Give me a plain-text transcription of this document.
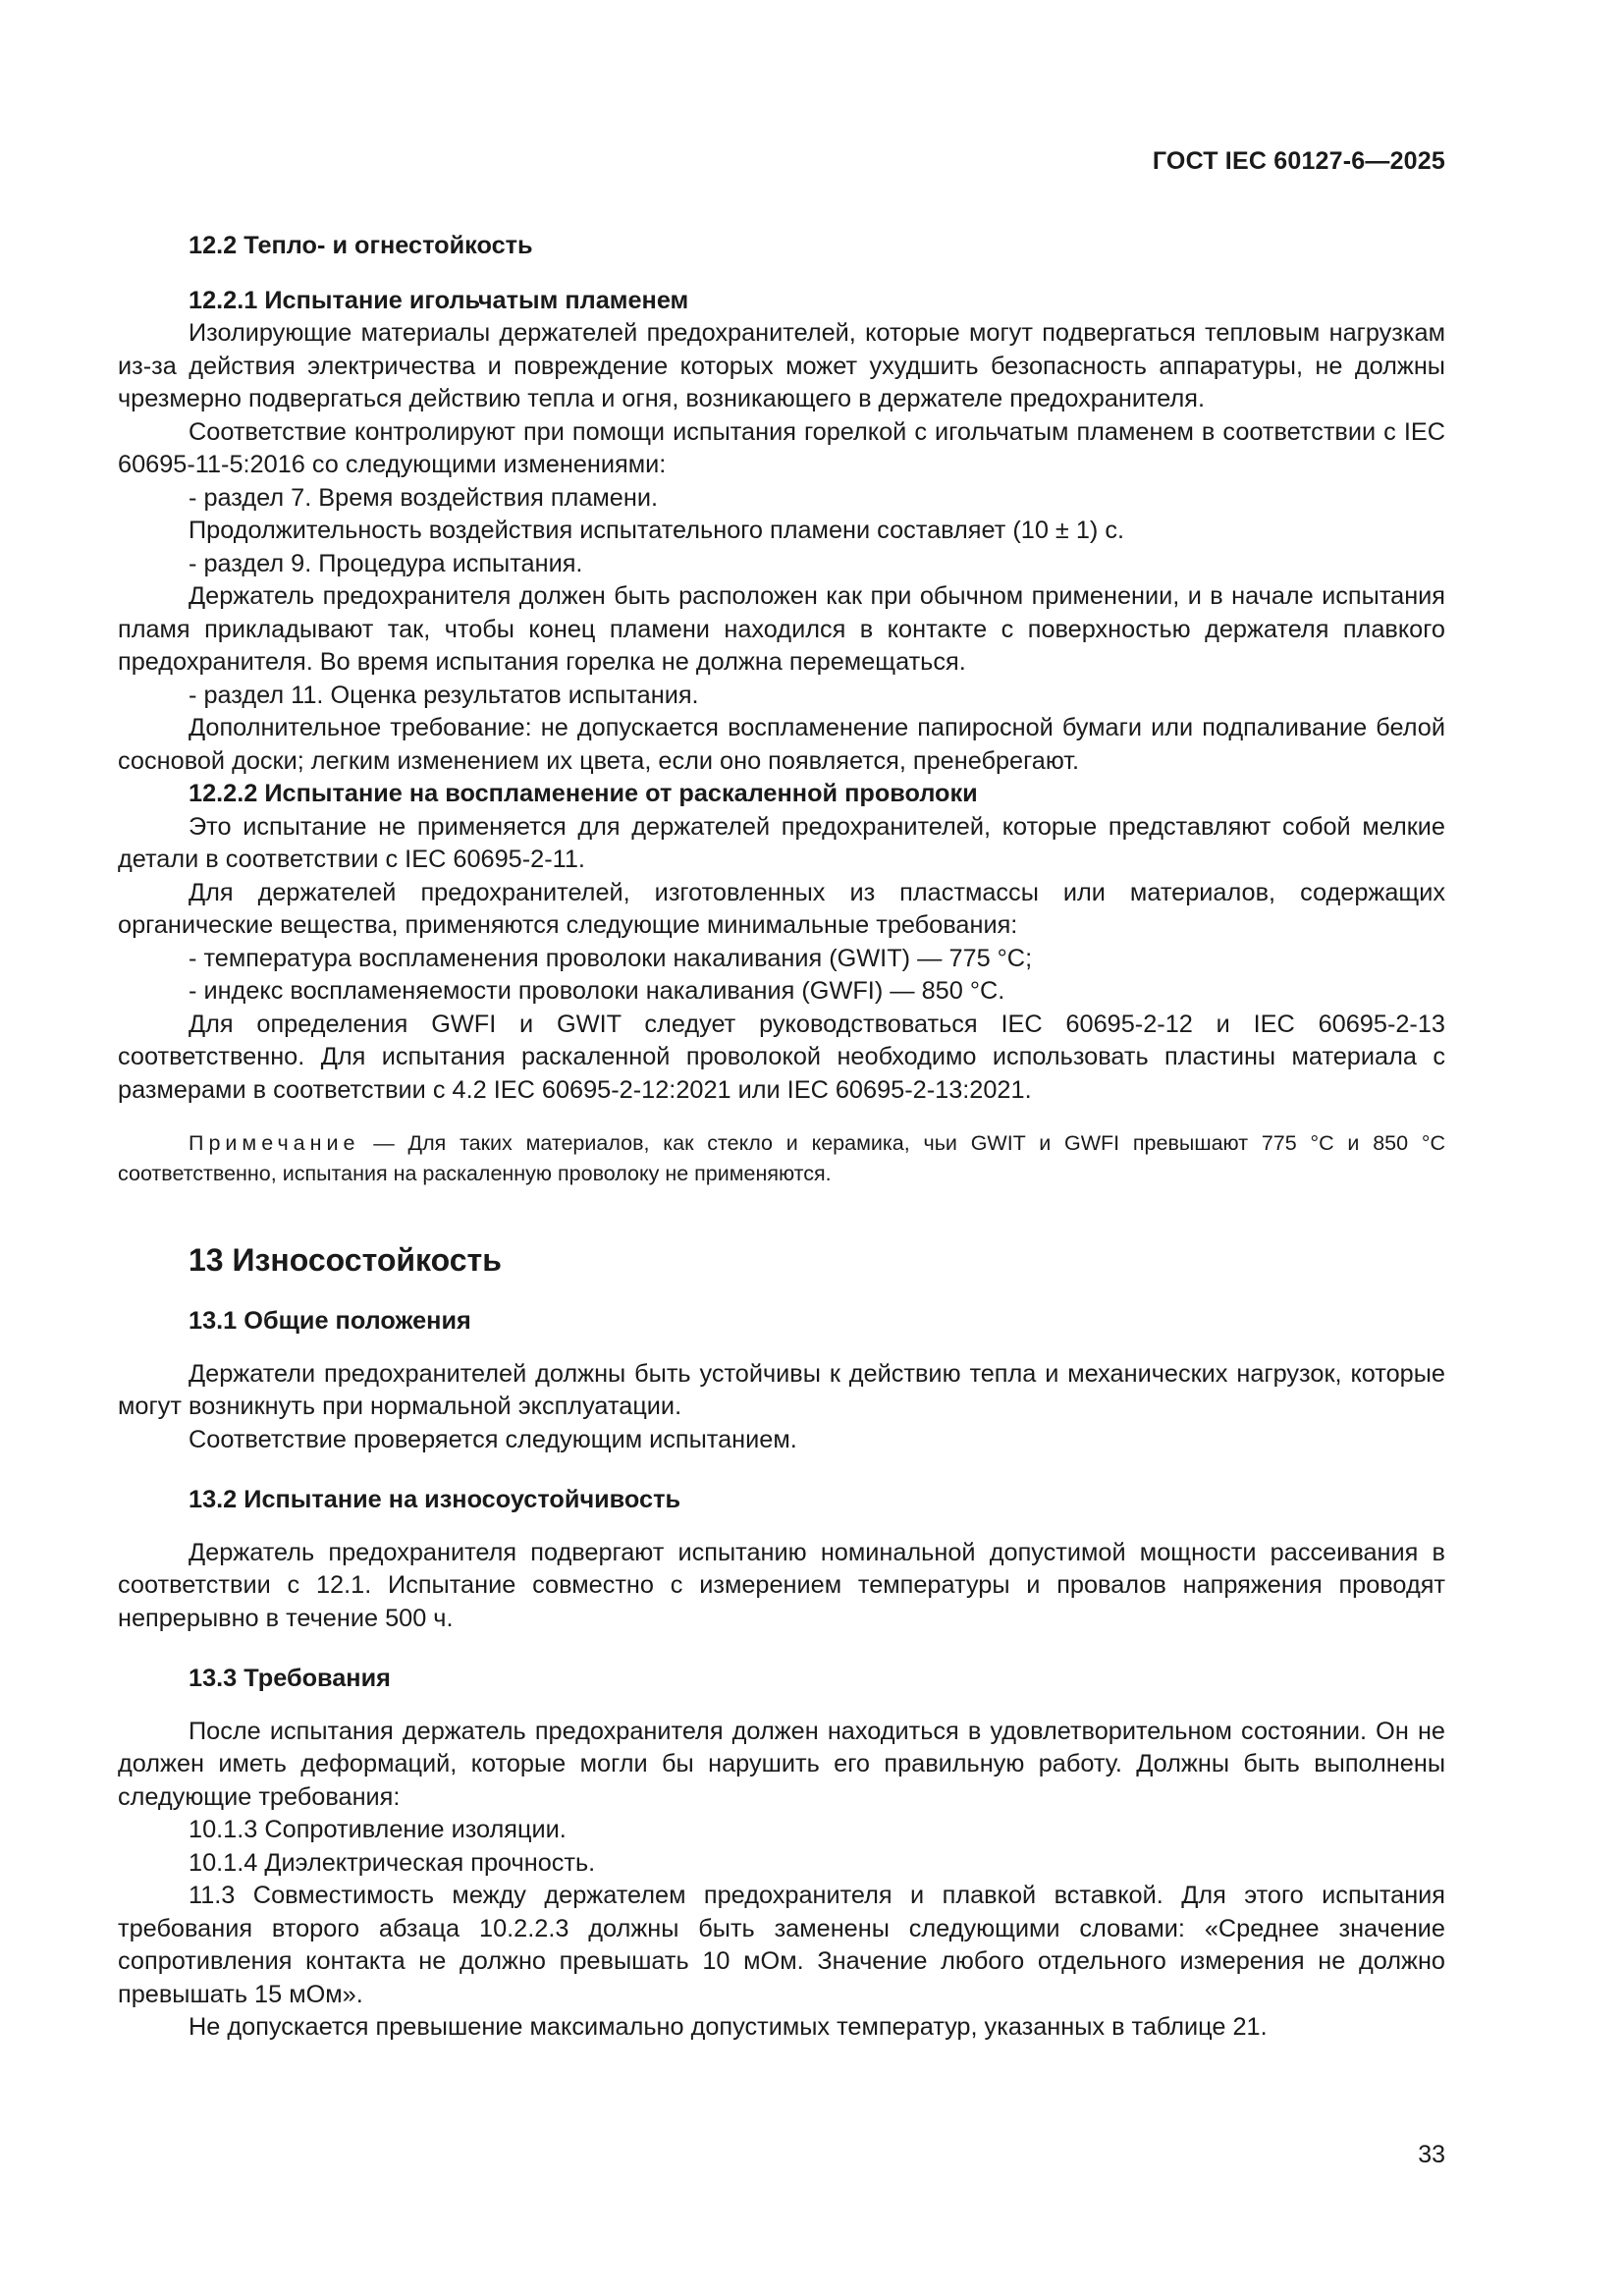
ГОСТ IEC 60127-6—2025
12.2 Тепло- и огнестойкость
12.2.1 Испытание игольчатым пламенем

Изолирующие материалы держателей предохранителей, которые могут подвергаться тепловым нагрузкам из-за действия электричества и повреждение которых может ухудшить безопасность аппаратуры, не должны чрезмерно подвергаться действию тепла и огня, возникающего в держателе предохранителя.

Соответствие контролируют при помощи испытания горелкой с игольчатым пламенем в соответствии с IEC 60695-11-5:2016 со следующими изменениями:

- раздел 7. Время воздействия пламени.

Продолжительность воздействия испытательного пламени составляет (10 ± 1) с.

- раздел 9. Процедура испытания.

Держатель предохранителя должен быть расположен как при обычном применении, и в начале испытания пламя прикладывают так, чтобы конец пламени находился в контакте с поверхностью держателя плавкого предохранителя. Во время испытания горелка не должна перемещаться.

- раздел 11. Оценка результатов испытания.

Дополнительное требование: не допускается воспламенение папиросной бумаги или подпаливание белой сосновой доски; легким изменением их цвета, если оно появляется, пренебрегают.

12.2.2 Испытание на воспламенение от раскаленной проволоки

Это испытание не применяется для держателей предохранителей, которые представляют собой мелкие детали в соответствии с IEC 60695-2-11.

Для держателей предохранителей, изготовленных из пластмассы или материалов, содержащих органические вещества, применяются следующие минимальные требования:

- температура воспламенения проволоки накаливания (GWIT) — 775 °C;

- индекс воспламеняемости проволоки накаливания (GWFI) — 850 °C.

Для определения GWFI и GWIT следует руководствоваться IEC 60695-2-12 и IEC 60695-2-13 соответственно. Для испытания раскаленной проволокой необходимо использовать пластины материала с размерами в соответствии с 4.2 IEC 60695-2-12:2021 или IEC 60695-2-13:2021.

Примечание — Для таких материалов, как стекло и керамика, чьи GWIT и GWFI превышают 775 °C и 850 °C соответственно, испытания на раскаленную проволоку не применяются.

13 Износостойкость
13.1 Общие положения

Держатели предохранителей должны быть устойчивы к действию тепла и механических нагрузок, которые могут возникнуть при нормальной эксплуатации.

Соответствие проверяется следующим испытанием.

13.2 Испытание на износоустойчивость

Держатель предохранителя подвергают испытанию номинальной допустимой мощности рассеивания в соответствии с 12.1. Испытание совместно с измерением температуры и провалов напряжения проводят непрерывно в течение 500 ч.

13.3 Требования

После испытания держатель предохранителя должен находиться в удовлетворительном состоянии. Он не должен иметь деформаций, которые могли бы нарушить его правильную работу. Должны быть выполнены следующие требования:

10.1.3 Сопротивление изоляции.

10.1.4 Диэлектрическая прочность.

11.3 Совместимость между держателем предохранителя и плавкой вставкой. Для этого испытания требования второго абзаца 10.2.2.3 должны быть заменены следующими словами: «Среднее значение сопротивления контакта не должно превышать 10 мОм. Значение любого отдельного измерения не должно превышать 15 мОм».

Не допускается превышение максимально допустимых температур, указанных в таблице 21.

33
